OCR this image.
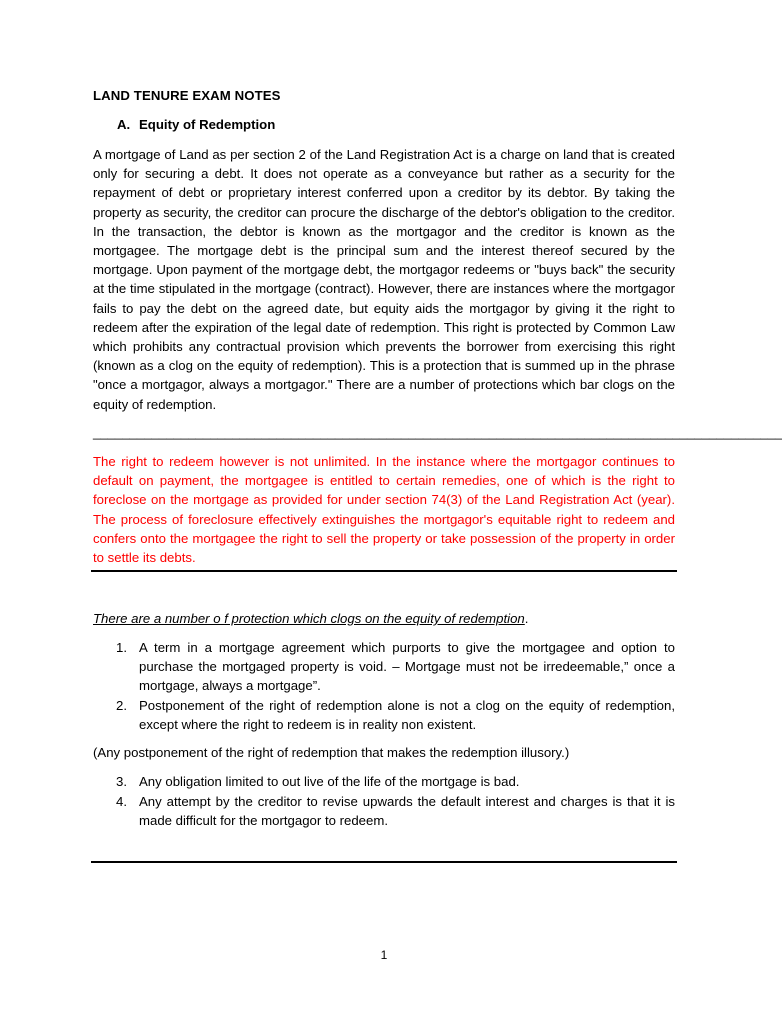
LAND TENURE EXAM NOTES
A. Equity of Redemption
A mortgage of Land as per section 2 of the Land Registration Act is a charge on land that is created only for securing a debt. It does not operate as a conveyance but rather as a security for the repayment of debt or proprietary interest conferred upon a creditor by its debtor. By taking the property as security, the creditor can procure the discharge of the debtor's obligation to the creditor. In the transaction, the debtor is known as the mortgagor and the creditor is known as the mortgagee. The mortgage debt is the principal sum and the interest thereof secured by the mortgage. Upon payment of the mortgage debt, the mortgagor redeems or "buys back" the security at the time stipulated in the mortgage (contract). However, there are instances where the mortgagor fails to pay the debt on the agreed date, but equity aids the mortgagor by giving it the right to redeem after the expiration of the legal date of redemption. This right is protected by Common Law which prohibits any contractual provision which prevents the borrower from exercising this right (known as a clog on the equity of redemption). This is a protection that is summed up in the phrase "once a mortgagor, always a mortgagor." There are a number of protections which bar clogs on the equity of redemption.
______________________________________________________________________________________________
The right to redeem however is not unlimited. In the instance where the mortgagor continues to default on payment, the mortgagee is entitled to certain remedies, one of which is the right to foreclose on the mortgage as provided for under section 74(3) of the Land Registration Act (year). The process of foreclosure effectively extinguishes the mortgagor's equitable right to redeem and confers onto the mortgagee the right to sell the property or take possession of the property in order to settle its debts.
There are a number o f protection which clogs on the equity of redemption.
1. A term in a mortgage agreement which purports to give the mortgagee and option to purchase the mortgaged property is void. – Mortgage must not be irredeemable,” once a mortgage, always a mortgage”.
2. Postponement of the right of redemption alone is not a clog on the equity of redemption, except where the right to redeem is in reality non existent.
(Any postponement of the right of redemption that makes the redemption illusory.)
3. Any obligation limited to out live of the life of the mortgage is bad.
4. Any attempt by the creditor to revise upwards the default interest and charges is that it is made difficult for the mortgagor to redeem.
1
